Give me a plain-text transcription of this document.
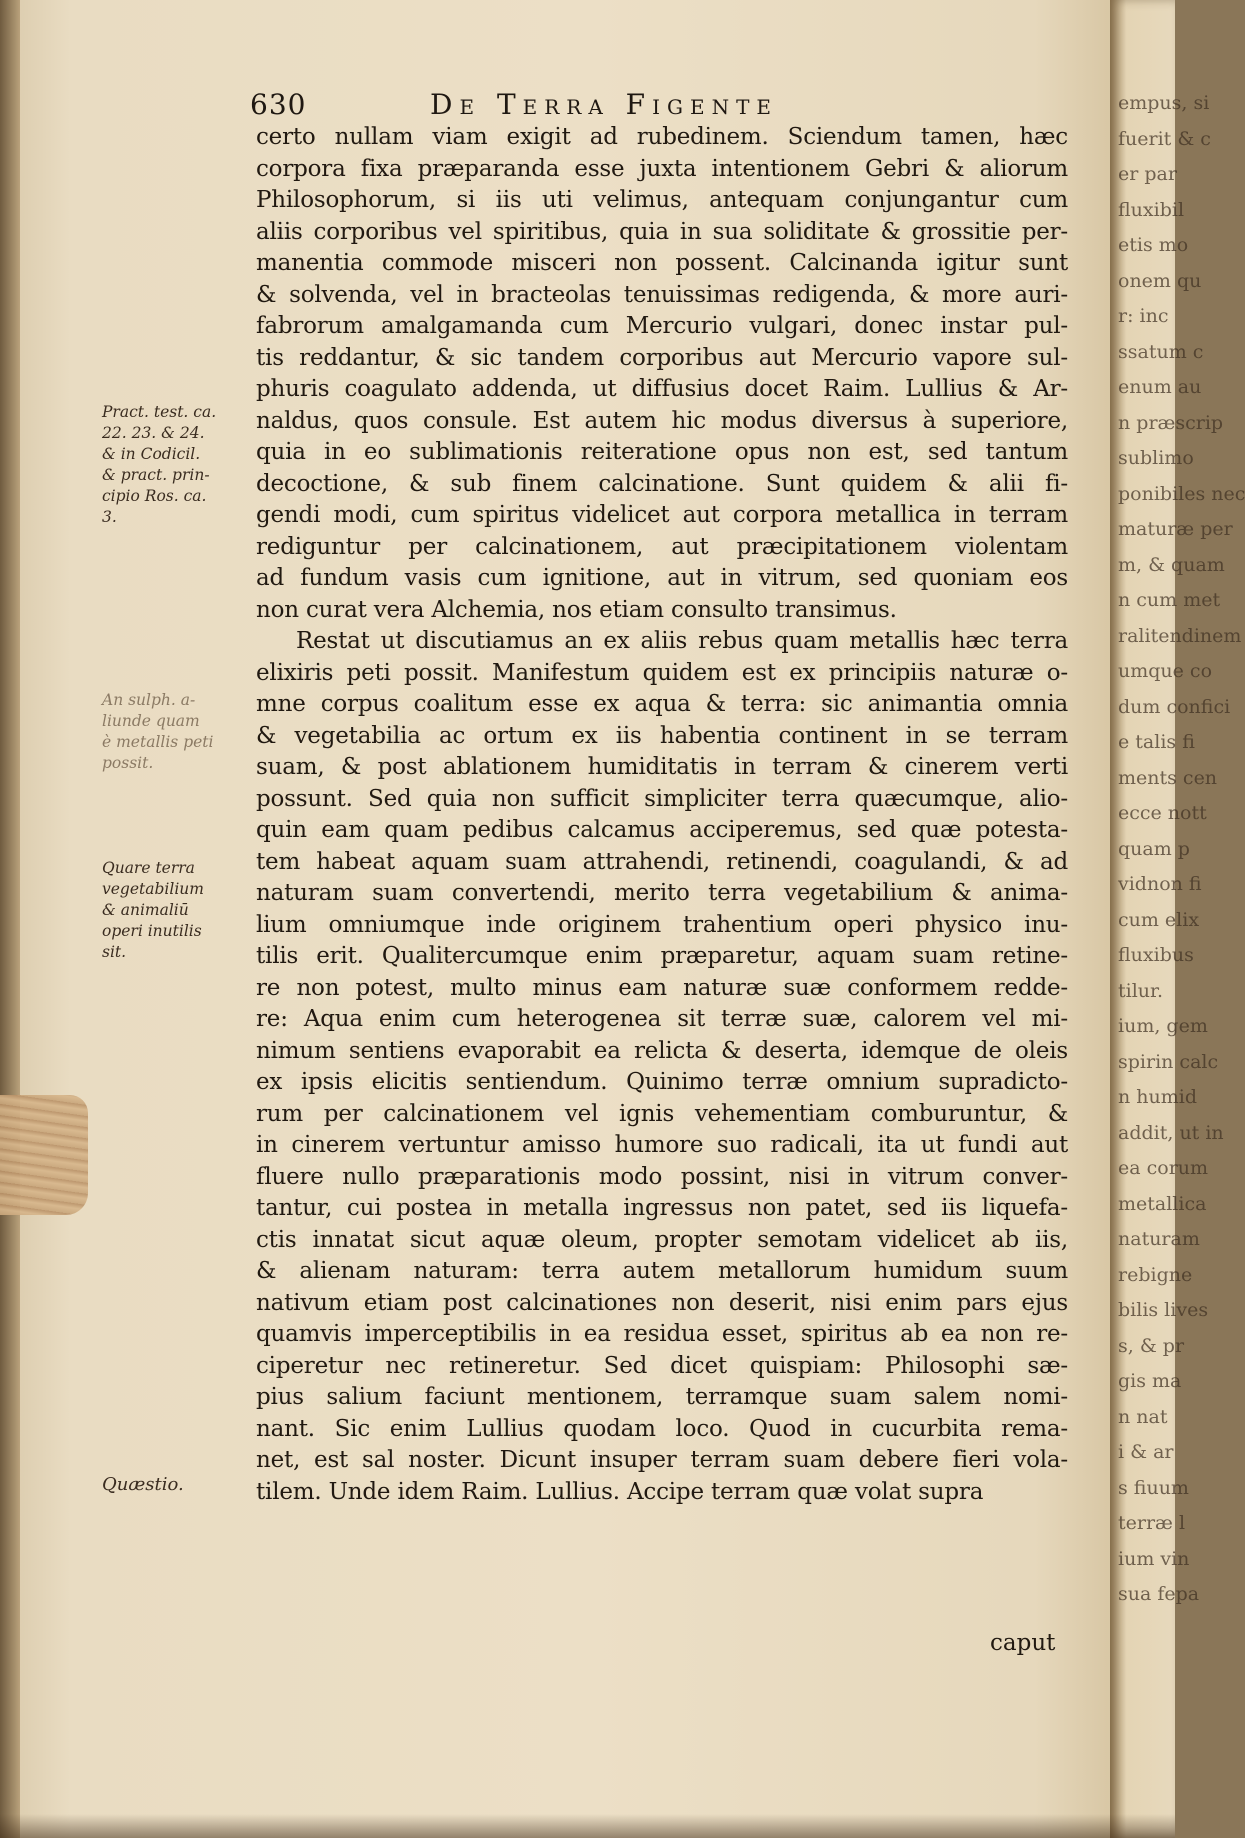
630	De Terra Figente
certo nullam viam exigit ad rubedinem. Sciendum tamen, hæc
corpora fixa præparanda esse juxta intentionem Gebri & aliorum
Philosophorum, si iis uti velimus, antequam conjungantur cum
aliis corporibus vel spiritibus, quia in sua soliditate & grossitie per-
manentia commode misceri non possent. Calcinanda igitur sunt
& solvenda, vel in bracteolas tenuissimas redigenda, & more auri-
fabrorum amalgamanda cum Mercurio vulgari, donec instar pul-
tis reddantur, & sic tandem corporibus aut Mercurio vapore sul-
phuris coagulato addenda, ut diffusius docet Raim. Lullius & Ar-
naldus, quos consule. Est autem hic modus diversus à superiore,
quia in eo sublimationis reiteratione opus non est, sed tantum
decoctione, & sub finem calcinatione. Sunt quidem & alii fi-
gendi modi, cum spiritus videlicet aut corpora metallica in terram
rediguntur per calcinationem, aut præcipitationem violentam
ad fundum vasis cum ignitione, aut in vitrum, sed quoniam eos
non curat vera Alchemia, nos etiam consulto transimus.
Restat ut discutiamus an ex aliis rebus quam metallis hæc terra
elixiris peti possit. Manifestum quidem est ex principiis naturæ o-
mne corpus coalitum esse ex aqua & terra: sic animantia omnia
& vegetabilia ac ortum ex iis habentia continent in se terram
suam, & post ablationem humiditatis in terram & cinerem verti
possunt. Sed quia non sufficit simpliciter terra quæcumque, alio-
quin eam quam pedibus calcamus acciperemus, sed quæ potesta-
tem habeat aquam suam attrahendi, retinendi, coagulandi, & ad
naturam suam convertendi, merito terra vegetabilium & anima-
lium omniumque inde originem trahentium operi physico inu-
tilis erit. Qualitercumque enim præparetur, aquam suam retine-
re non potest, multo minus eam naturæ suæ conformem redde-
re: Aqua enim cum heterogenea sit terræ suæ, calorem vel mi-
nimum sentiens evaporabit ea relicta & deserta, idemque de oleis
ex ipsis elicitis sentiendum. Quinimo terræ omnium supradicto-
rum per calcinationem vel ignis vehementiam comburuntur, &
in cinerem vertuntur amisso humore suo radicali, ita ut fundi aut
fluere nullo præparationis modo possint, nisi in vitrum conver-
tantur, cui postea in metalla ingressus non patet, sed iis liquefa-
ctis innatat sicut aquæ oleum, propter semotam videlicet ab iis,
& alienam naturam: terra autem metallorum humidum suum
nativum etiam post calcinationes non deserit, nisi enim pars ejus
quamvis imperceptibilis in ea residua esset, spiritus ab ea non re-
ciperetur nec retineretur. Sed dicet quispiam: Philosophi sæ-
pius salium faciunt mentionem, terramque suam salem nomi-
nant. Sic enim Lullius quodam loco. Quod in cucurbita rema-
net, est sal noster. Dicunt insuper terram suam debere fieri vola-
tilem. Unde idem Raim. Lullius. Accipe terram quæ volat supra
caput
Pract. test. ca.
22. 23. & 24.
& in Codicil.
& pract. prin-
cipio Ros. ca.
3.
An sulph. a-
liunde quam
è metallis peti
possit.
Quare terra
vegetabilium
& animaliū
operi inutilis
sit.
Quæstio.
empus, si
fuerit & c
er par
fluxibil
etis mo
onem qu
r: inc
ssatum c
enum au
n præscrip
sublimo
ponibiles nec
maturæ per
m, & quam
n cum met
ralitendinem
umque co
dum confici
e talis fi
ments cen
ecce nott
quam p
vidnon fi
cum elix
fluxibus
tilur.
ium, gem
spirin calc
n humid
addit, ut in
ea corum
metallica
naturam
rebigne
bilis lives
s, & pr
gis ma
n nat
i & ar
s fiuum
terræ l
ium vin
sua fepa
